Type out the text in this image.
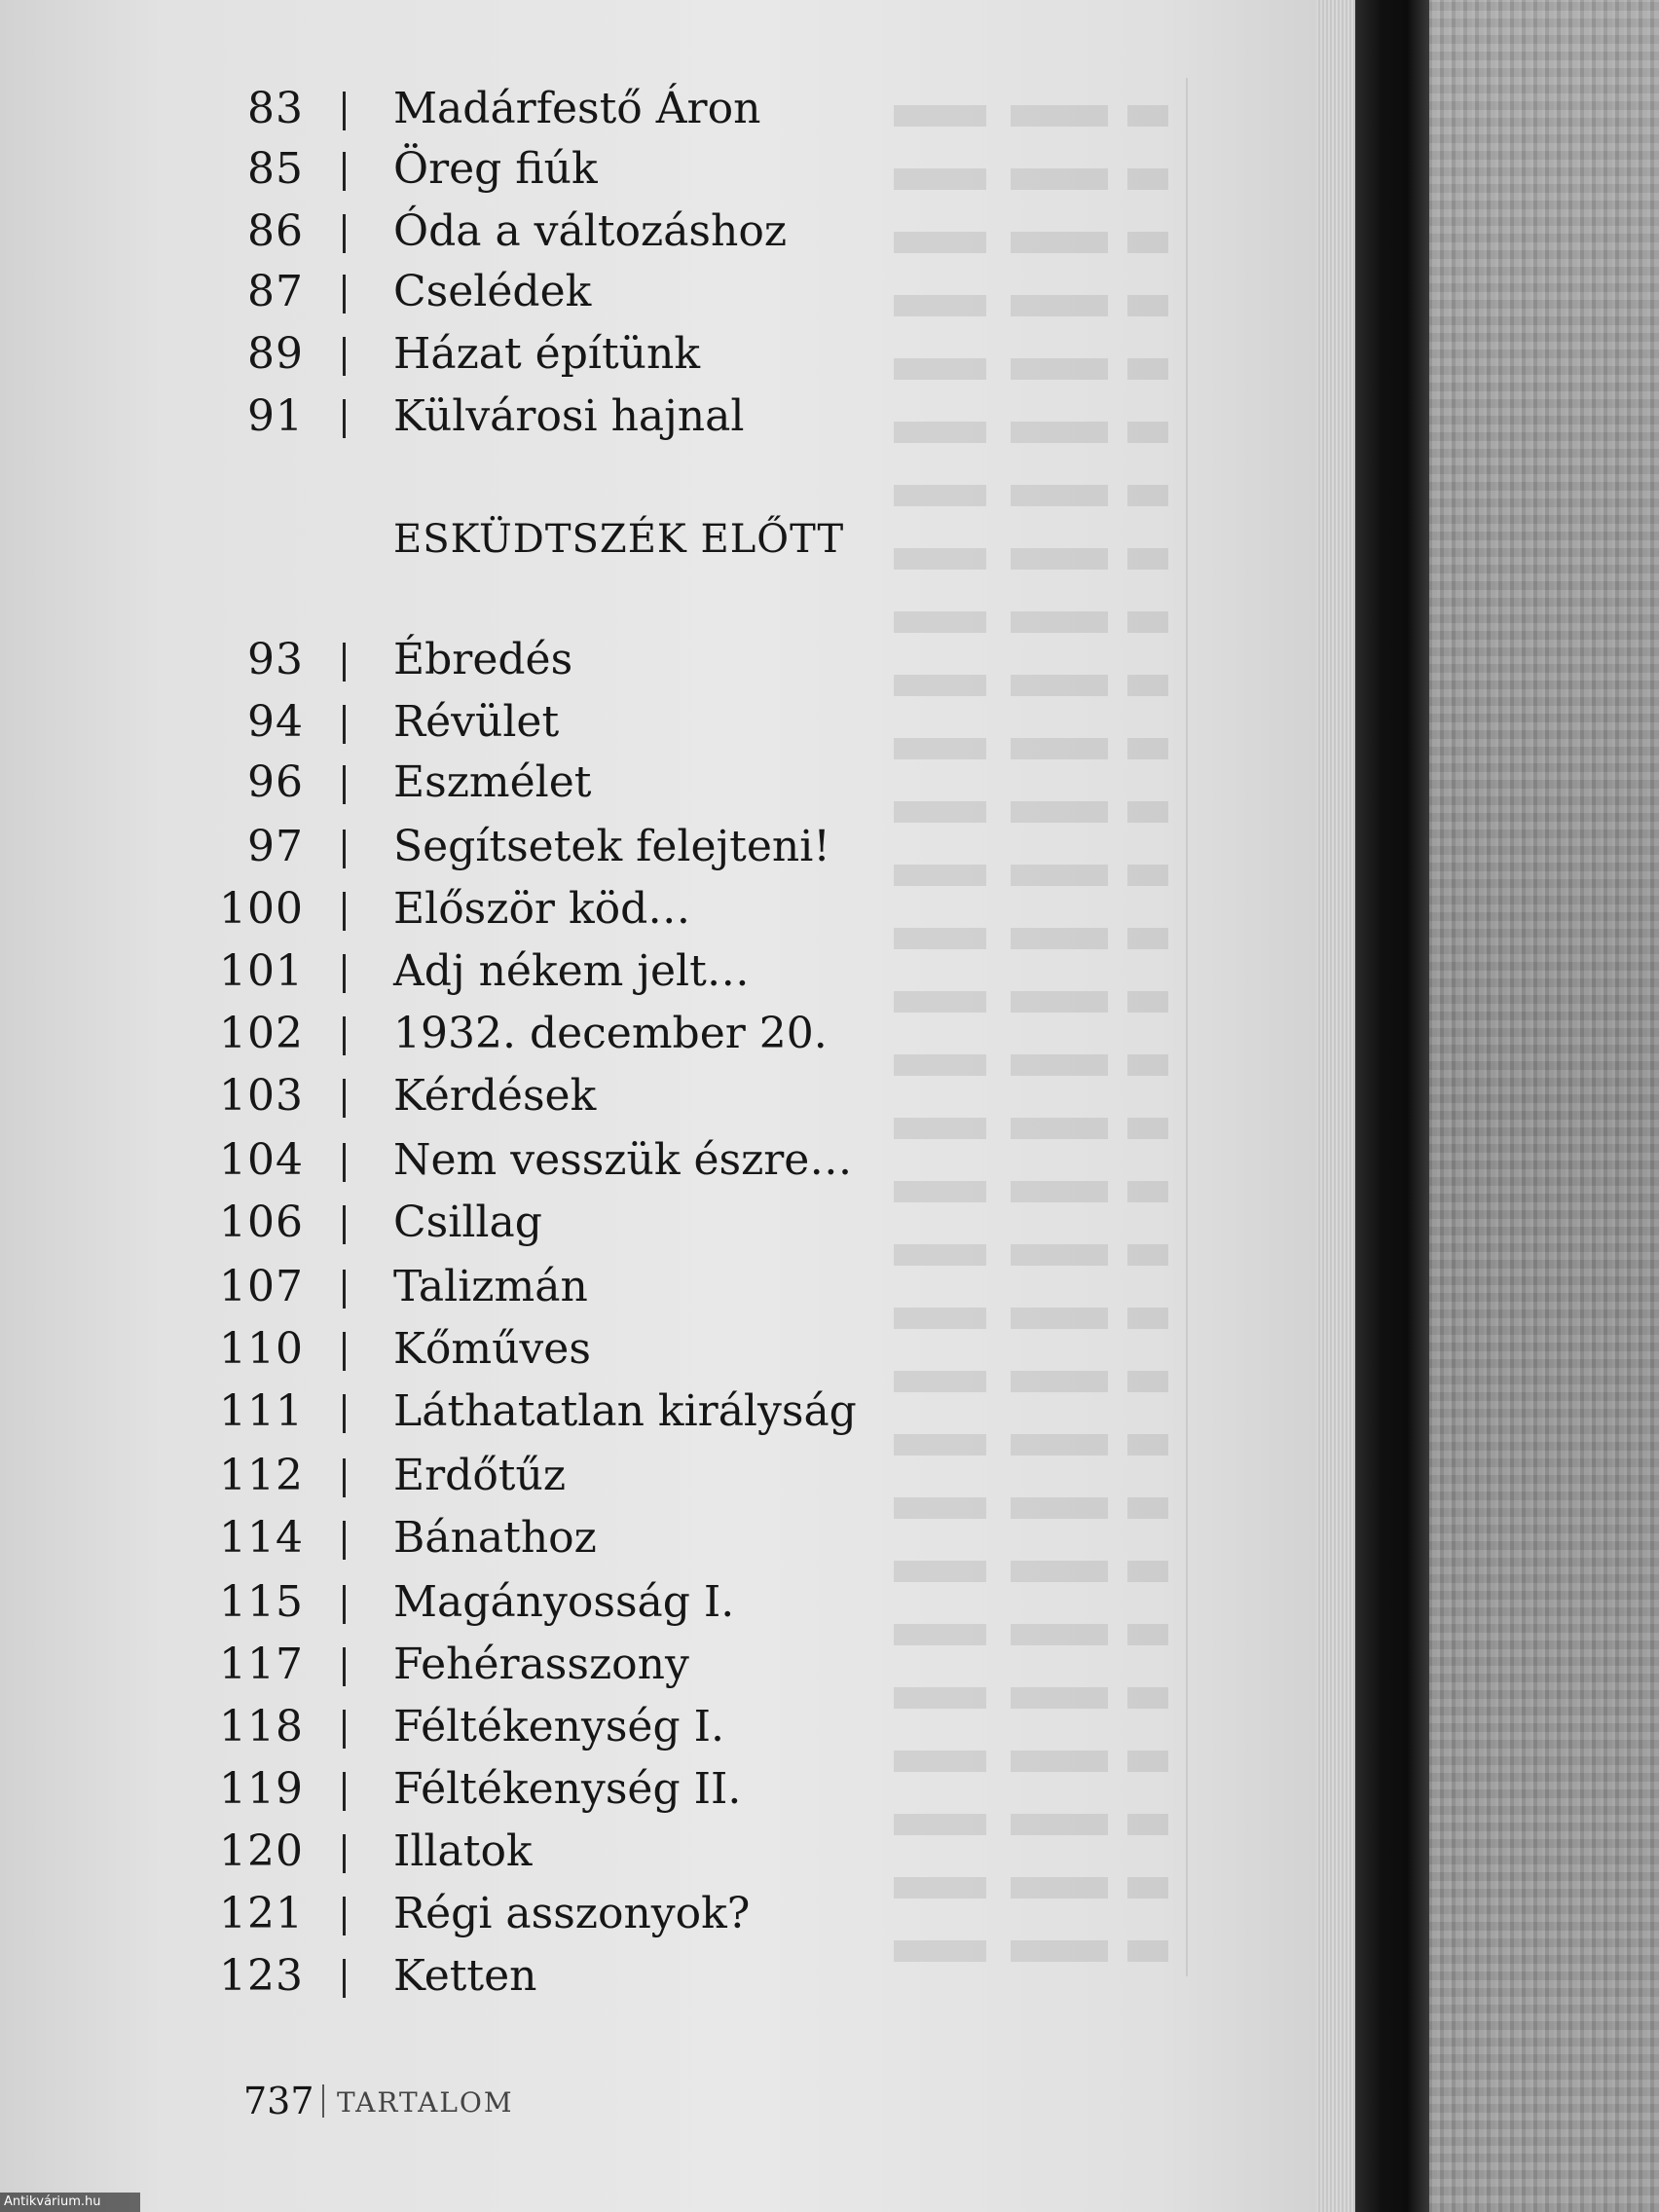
83 Madárfestő Áron
85 Öreg fiúk
86 Óda a változáshoz
87 Cselédek
89 Házat építünk
91 Külvárosi hajnal
ESKÜDTSZÉK ELŐTT
93 Ébredés
94 Révület
96 Eszmélet
97 Segítsetek felejteni!
100 Először köd…
101 Adj nékem jelt…
102 1932. december 20.
103 Kérdések
104 Nem vesszük észre…
106 Csillag
107 Talizmán
110 Kőműves
111 Láthatatlan királyság
112 Erdőtűz
114 Bánathoz
115 Magányosság I.
117 Fehérasszony
118 Féltékenység I.
119 Féltékenység II.
120 Illatok
121 Régi asszonyok?
123 Ketten
737 TARTALOM
Antikvárium.hu
